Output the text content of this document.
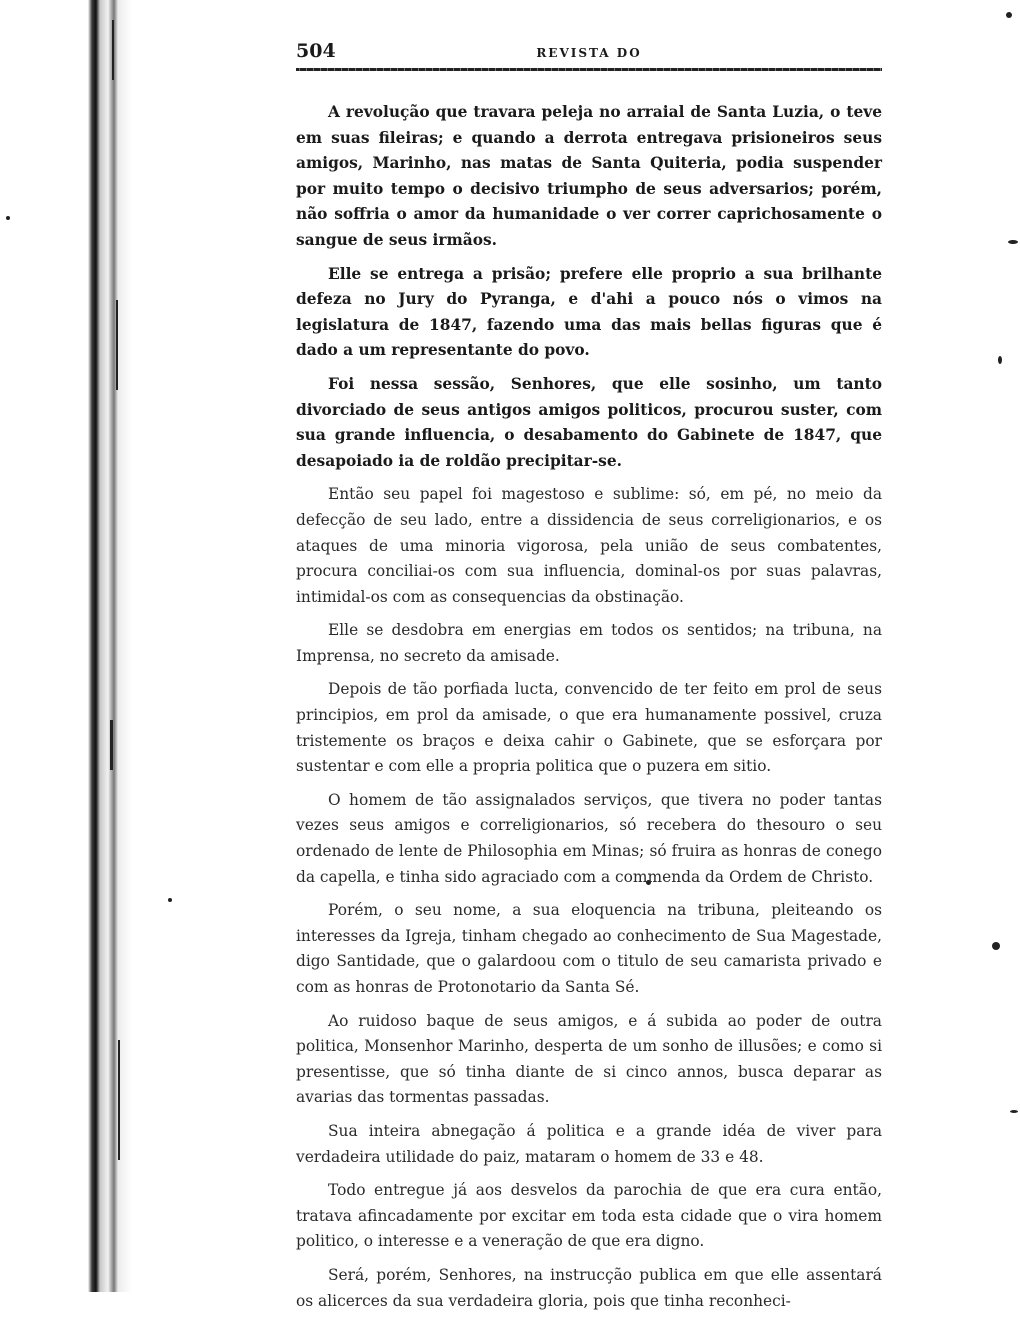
504	REVISTA DO

A revolução que travara peleja no arraial de Santa Luzia, o teve em suas fileiras; e quando a derrota entregava prisioneiros seus amigos, Marinho, nas matas de Santa Quiteria, podia suspender por muito tempo o decisivo triumpho de seus adversarios; porém, não soffria o amor da humanidade o ver correr caprichosamente o sangue de seus irmãos.

Elle se entrega a prisão; prefere elle proprio a sua brilhante defeza no Jury do Pyranga, e d'ahi a pouco nós o vimos na legislatura de 1847, fazendo uma das mais bellas figuras que é dado a um representante do povo.

Foi nessa sessão, Senhores, que elle sosinho, um tanto divorciado de seus antigos amigos politicos, procurou suster, com sua grande influencia, o desabamento do Gabinete de 1847, que desapoiado ia de roldão precipitar-se.

Então seu papel foi magestoso e sublime: só, em pé, no meio da defecção de seu lado, entre a dissidencia de seus correligionarios, e os ataques de uma minoria vigorosa, pela união de seus combatentes, procura conciliai-os com sua influencia, dominal-os por suas palavras, intimidal-os com as consequencias da obstinação.

Elle se desdobra em energias em todos os sentidos; na tribuna, na Imprensa, no secreto da amisade.

Depois de tão porfiada lucta, convencido de ter feito em prol de seus principios, em prol da amisade, o que era humanamente possivel, cruza tristemente os braços e deixa cahir o Gabinete, que se esforçara por sustentar e com elle a propria politica que o puzera em sitio.

O homem de tão assignalados serviços, que tivera no poder tantas vezes seus amigos e correligionarios, só recebera do thesouro o seu ordenado de lente de Philosophia em Minas; só fruira as honras de conego da capella, e tinha sido agraciado com a commenda da Ordem de Christo.

Porém, o seu nome, a sua eloquencia na tribuna, pleiteando os interesses da Igreja, tinham chegado ao conhecimento de Sua Magestade, digo Santidade, que o galardoou com o titulo de seu camarista privado e com as honras de Protonotario da Santa Sé.

Ao ruidoso baque de seus amigos, e á subida ao poder de outra politica, Monsenhor Marinho, desperta de um sonho de illusões; e como si presentisse, que só tinha diante de si cinco annos, busca deparar as avarias das tormentas passadas.

Sua inteira abnegação á politica e a grande idéa de viver para verdadeira utilidade do paiz, mataram o homem de 33 e 48.

Todo entregue já aos desvelos da parochia de que era cura então, tratava afincadamente por excitar em toda esta cidade que o vira homem politico, o interesse e a veneração de que era digno.

Será, porém, Senhores, na instrucção publica em que elle assentará os alicerces da sua verdadeira gloria, pois que tinha reconheci-
